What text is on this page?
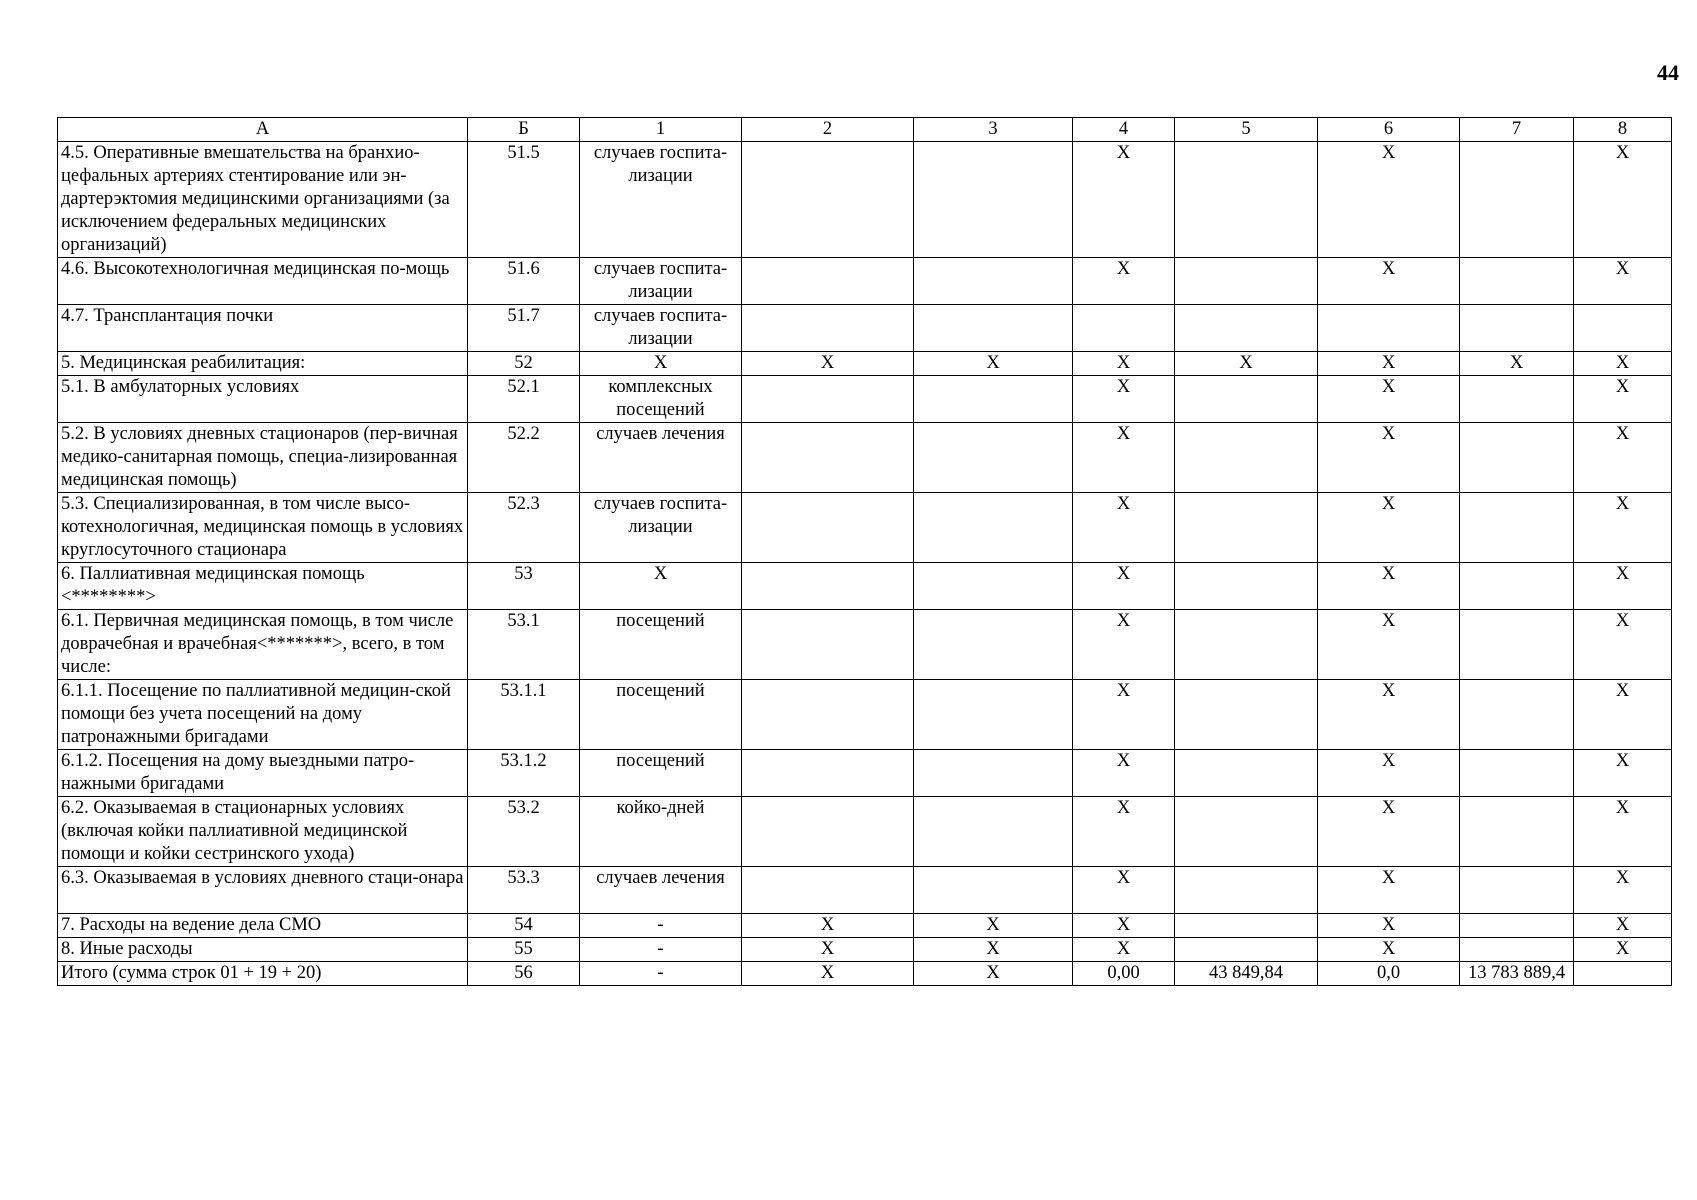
44
А	Б	1	2	3	4	5	6	7	8
4.5. Оперативные вмешательства на бранхио-цефальных артериях стентирование или эн-дартерэктомия медицинскими организациями (за исключением федеральных медицинских организаций)	51.5	случаев госпита-лизации			X		X		X
4.6. Высокотехнологичная медицинская по-мощь	51.6	случаев госпита-лизации			X		X		X
4.7. Трансплантация почки	51.7	случаев госпита-лизации							
5. Медицинская реабилитация:	52	X	X	X	X	X	X	X	X
5.1. В амбулаторных условиях	52.1	комплексных посещений			X		X		X
5.2. В условиях дневных стационаров (пер-вичная медико-санитарная помощь, специа-лизированная медицинская помощь)	52.2	случаев лечения			X		X		X
5.3. Специализированная, в том числе высо-котехнологичная, медицинская помощь в условиях круглосуточного стационара	52.3	случаев госпита-лизации			X		X		X
6. Паллиативная медицинская помощь <********>	53	X			X		X		X
6.1. Первичная медицинская помощь, в том числе доврачебная и врачебная<*******>, всего, в том числе:	53.1	посещений			X		X		X
6.1.1. Посещение по паллиативной медицин-ской помощи без учета посещений на дому патронажными бригадами	53.1.1	посещений			X		X		X
6.1.2. Посещения на дому выездными патро-нажными бригадами	53.1.2	посещений			X		X		X
6.2. Оказываемая в стационарных условиях (включая койки паллиативной медицинской помощи и койки сестринского ухода)	53.2	койко-дней			X		X		X
6.3. Оказываемая в условиях дневного стаци-онара	53.3	случаев лечения			X		X		X
7. Расходы на ведение дела СМО	54	-	X	X	X		X		X
8. Иные расходы	55	-	X	X	X		X		X
Итого (сумма строк 01 + 19 + 20)	56	-	X	X	0,00	43 849,84	0,0	13 783 889,4	
